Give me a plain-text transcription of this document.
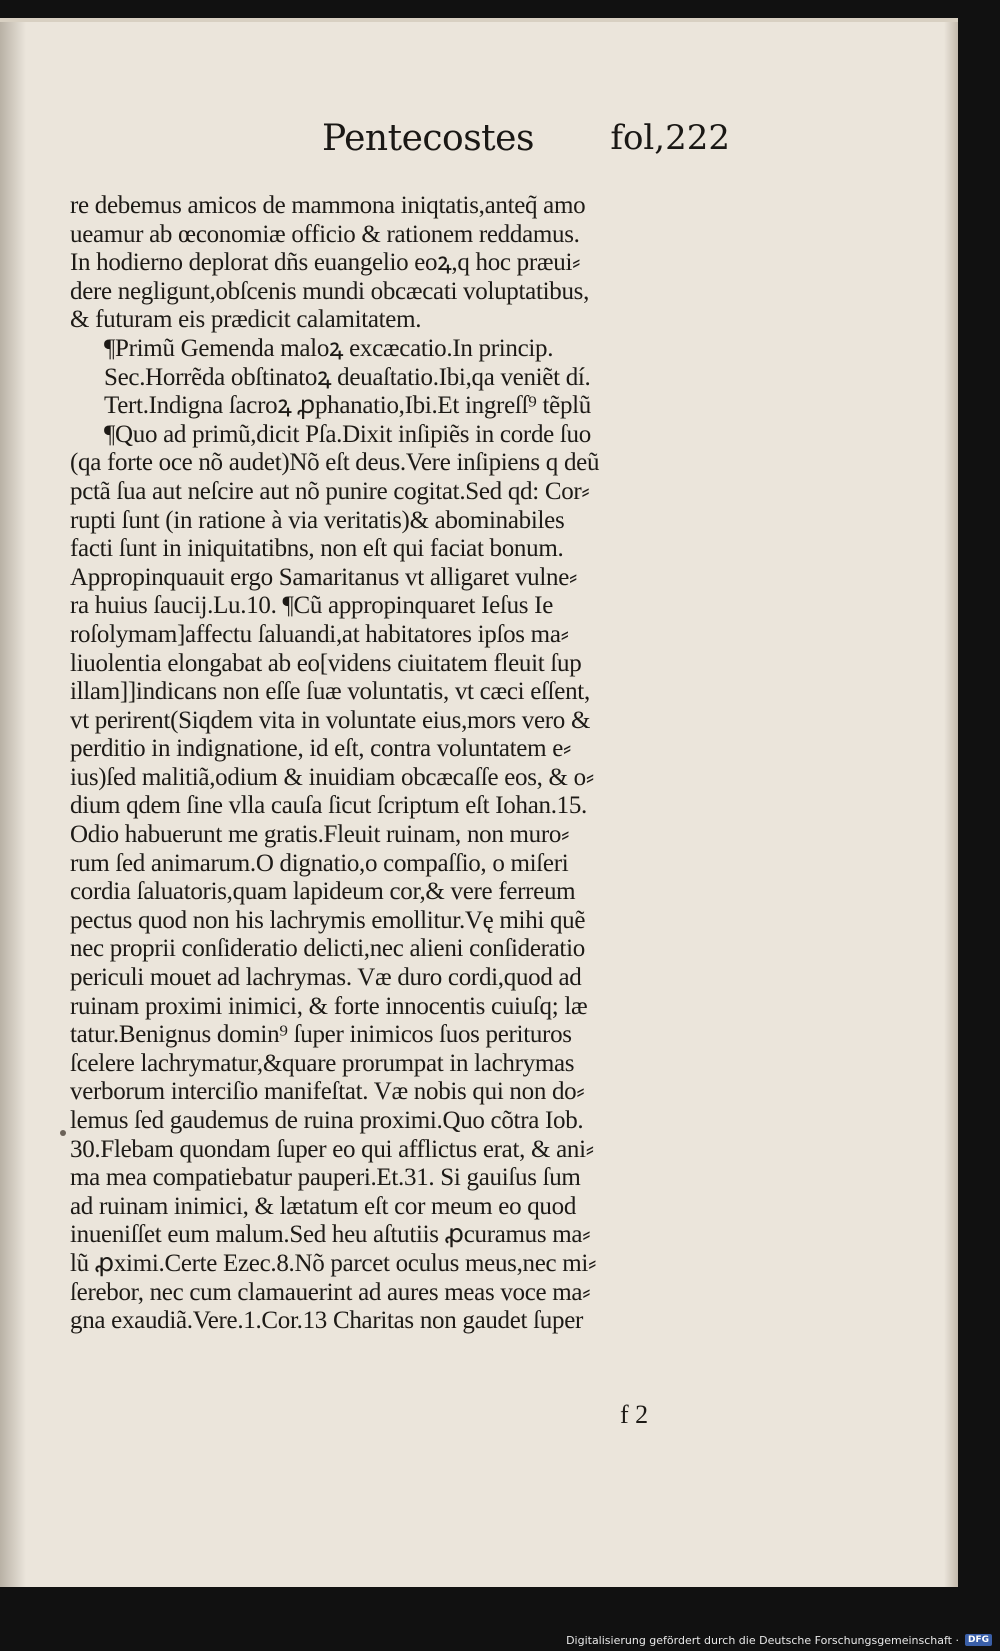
Pentecostes fol,222
re debemus amicos de mammona iniqtatis,anteq̃ amo
ueamur ab œconomiæ officio & rationem reddamus.
In hodierno deplorat dñs euangelio eoꝝ,q hoc præui⸗
dere negligunt,obſcenis mundi obcæcati voluptatibus,
& futuram eis prædicit calamitatem.
¶Primũ Gemenda maloꝝ excæcatio.In princip.
Sec.Horrẽda obſtinatoꝝ deuaſtatio.Ibi,qa veniẽt dí.
Tert.Indigna ſacroꝝ ꝓphanatio,Ibi.Et ingreſſ⁹ tẽplũ
¶Quo ad primũ,dicit Pſa.Dixit inſipiẽs in corde ſuo
(qa forte oce nõ audet)Nõ eſt deus.Vere inſipiens q deũ
pctã ſua aut neſcire aut nõ punire cogitat.Sed qd: Cor⸗
rupti ſunt (in ratione à via veritatis)& abominabiles
facti ſunt in iniquitatibns, non eſt qui faciat bonum.
Appropinquauit ergo Samaritanus vt alligaret vulne⸗
ra huius ſaucij.Lu.10. ¶Cũ appropinquaret Ieſus Ie
roſolymam]affectu ſaluandi,at habitatores ipſos ma⸗
liuolentia elongabat ab eo[videns ciuitatem fleuit ſup
illam]]indicans non eſſe ſuæ voluntatis, vt cæci eſſent,
vt perirent(Siqdem vita in voluntate eius,mors vero &
perditio in indignatione, id eſt, contra voluntatem e⸗
ius)ſed malitiã,odium & inuidiam obcæcaſſe eos, & o⸗
dium qdem ſine vlla cauſa ſicut ſcriptum eſt Iohan.15.
Odio habuerunt me gratis.Fleuit ruinam, non muro⸗
rum ſed animarum.O dignatio,o compaſſio, o miſeri
cordia ſaluatoris,quam lapideum cor,& vere ferreum
pectus quod non his lachrymis emollitur.Vę mihi quẽ
nec proprii conſideratio delicti,nec alieni conſideratio
periculi mouet ad lachrymas. Væ duro cordi,quod ad
ruinam proximi inimici, & forte innocentis cuiuſq; læ
tatur.Benignus domin⁹ ſuper inimicos ſuos perituros
ſcelere lachrymatur,&quare prorumpat in lachrymas
verborum interciſio manifeſtat. Væ nobis qui non do⸗
lemus ſed gaudemus de ruina proximi.Quo cõtra Iob.
30.Flebam quondam ſuper eo qui afflictus erat, & ani⸗
ma mea compatiebatur pauperi.Et.31. Si gauiſus ſum
ad ruinam inimici, & lætatum eſt cor meum eo quod
inueniſſet eum malum.Sed heu aſtutiis ꝓcuramus ma⸗
lũ ꝓximi.Certe Ezec.8.Nõ parcet oculus meus,nec mi⸗
ſerebor, nec cum clamauerint ad aures meas voce ma⸗
gna exaudiã.Vere.1.Cor.13 Charitas non gaudet ſuper
f 2
Digitalisierung gefördert durch die Deutsche Forschungsgemeinschaft ·	DFG
